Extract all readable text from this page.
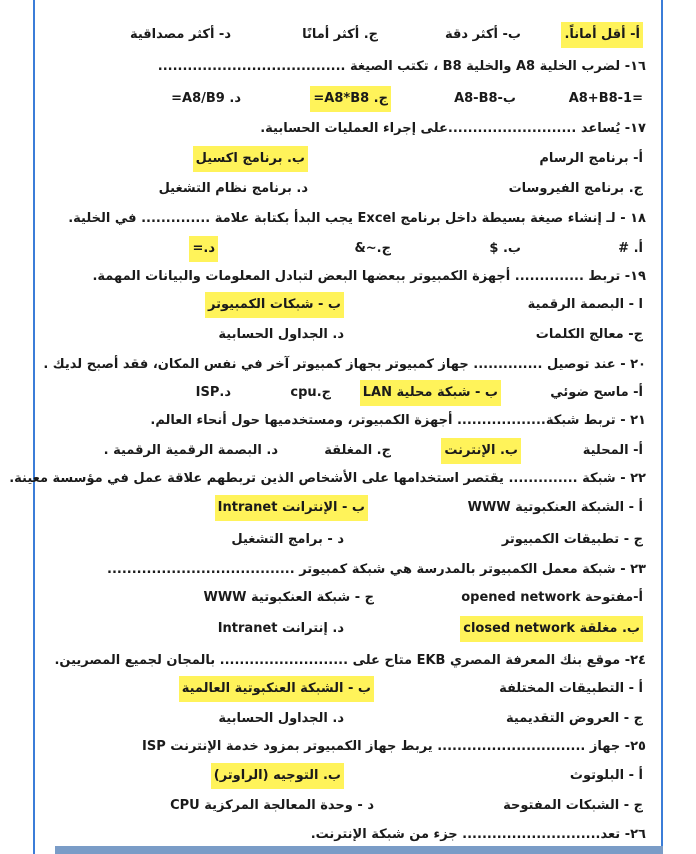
أ- أقل أماناً.
ب- أكثر دقة
ج. أكثر أمانًا
د- أكثر مصداقية
١٦- لضرب الخلية A8 والخلية B8 ، تكتب الصيغة ......................................
A8+B8-1=
ب-A8-B8
ج. A8*B8=
د. A8/B9=
١٧- يُساعد ..........................على إجراء العمليات الحسابية.
أ- برنامج الرسام
ب. برنامج اكسيل
ج. برنامج الفيروسات
د. برنامج نظام التشغيل
١٨ - لـ إنشاء صيغة بسيطة داخل برنامج Excel يجب البدأ بكتابة علامة .............. في الخلية.
أ. #
ب. $
ج.~&
د.=
١٩- تربط .............. أجهزة الكمبيوتر ببعضها البعض لتبادل المعلومات والبيانات المهمة.
ا - البصمة الرقمية
ب - شبكات الكمبيوتر
ج- معالج الكلمات
د. الجداول الحسابية
٢٠ - عند توصيل .............. جهاز كمبيوتر بجهاز كمبيوتر آخر في نفس المكان، فقد أصبح لديك .
أ- ماسح ضوئي
ب - شبكة محلية LAN
ج.cpu
د.ISP
٢١ - تربط شبكة.................. أجهزة الكمبيوتر، ومستخدميها حول أنحاء العالم.
أ- المحلية
ب. الإنترنت
ج. المغلقة
د. البصمة الرقمية الرقمية .
٢٢ - شبكة .............. يقتصر استخدامها على الأشخاص الذين تربطهم علاقة عمل في مؤسسة معينة.
أ - الشبكة العنكبوتية WWW
ب - الإنترانت Intranet
ج - تطبيقات الكمبيوتر
د - برامج التشغيل
٢٣ - شبكة معمل الكمبيوتر بالمدرسة هي شبكة كمبيوتر ......................................
أ-مفتوحة opened network
ج - شبكة العنكبوتية WWW
ب. مغلقة closed network
د. إنترانت Intranet
٢٤- موقع بنك المعرفة المصري EKB متاح على .......................... بالمجان لجميع المصريين.
أ - التطبيقات المختلفة
ب - الشبكة العنكبوتية العالمية
ج - العروض التقديمية
د. الجداول الحسابية
٢٥- جهاز .............................. يربط جهاز الكمبيوتر بمزود خدمة الإنترنت ISP
أ - البلوتوث
ب. التوجيه (الراوتر)
ج - الشبكات المفتوحة
د - وحدة المعالجة المركزية CPU
٢٦- تعد............................ جزء من شبكة الإنترنت.
